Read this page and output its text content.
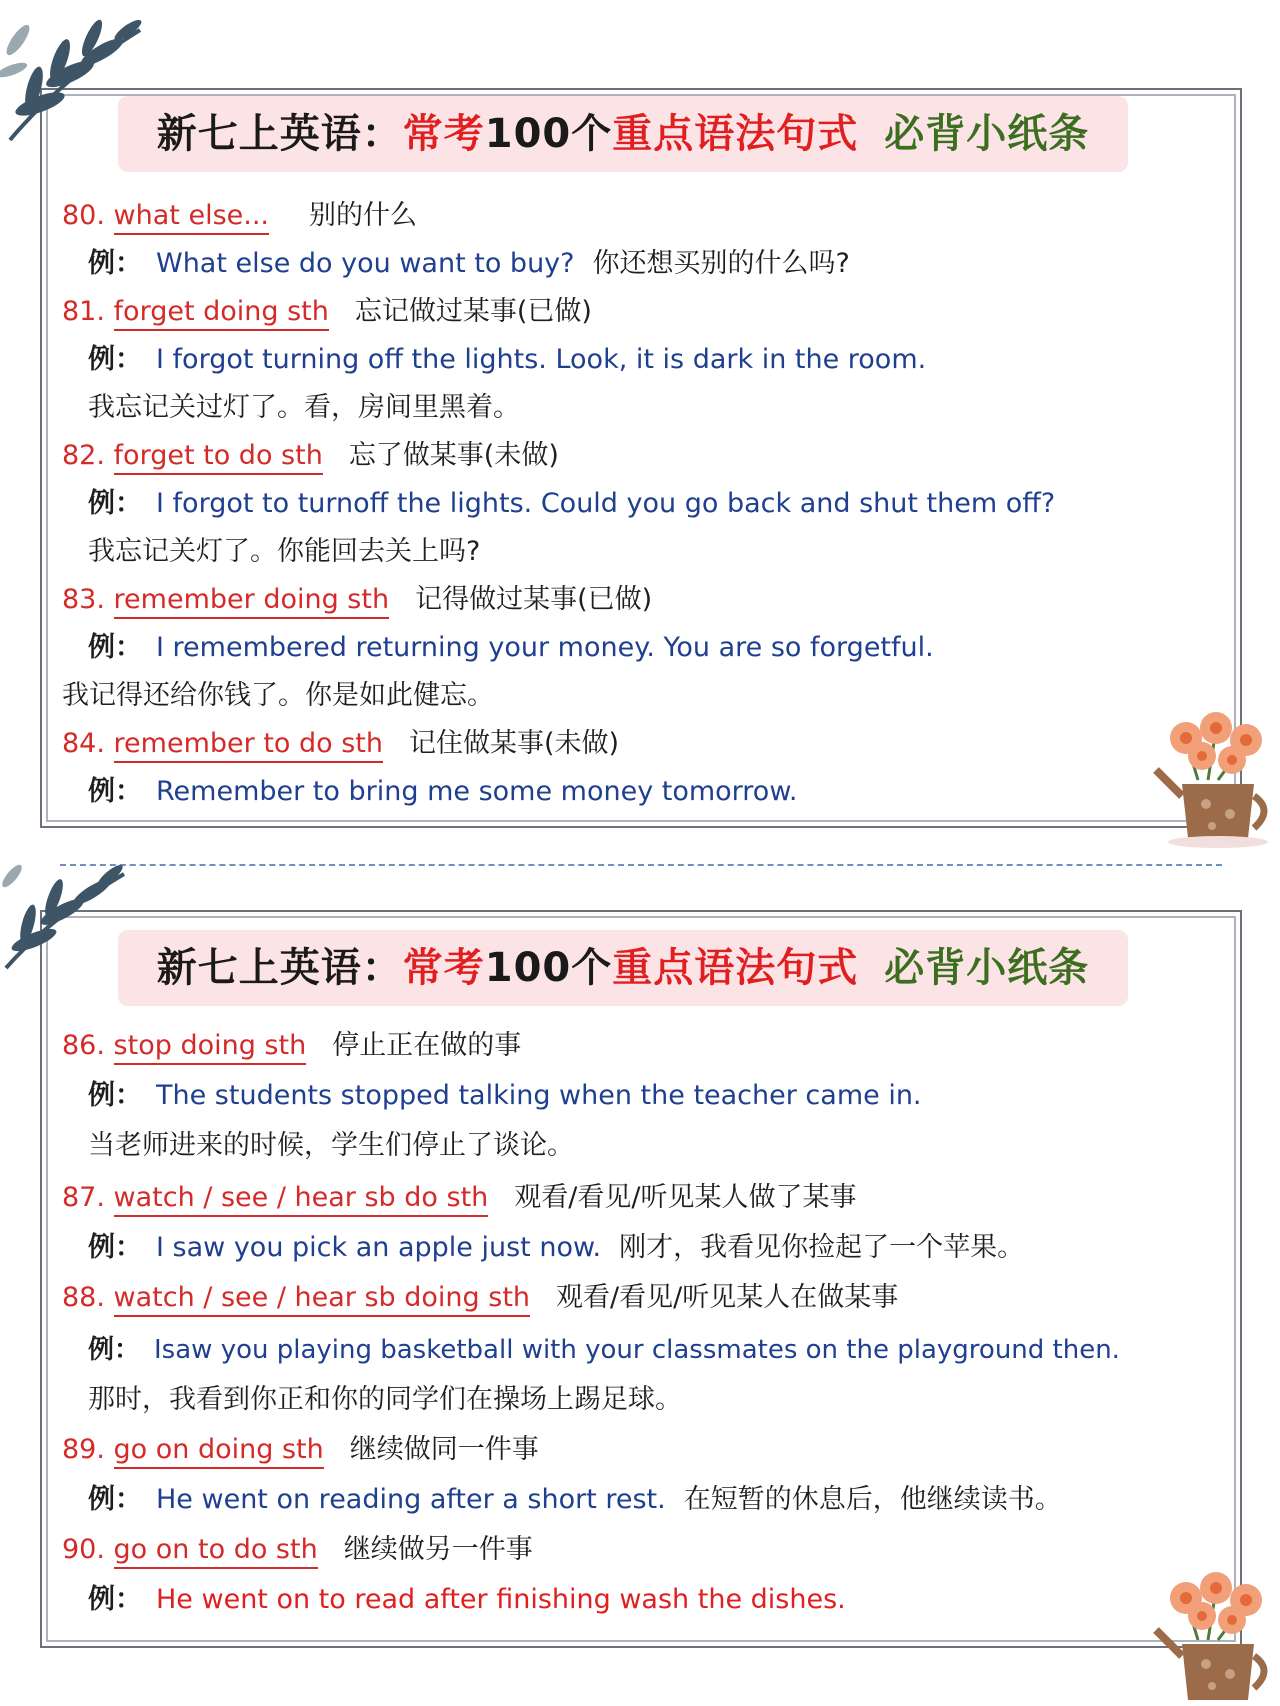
新七上英语：常考100个重点语法句式 必背小纸条
80. what else... 别的什么
例： What else do you want to buy? 你还想买别的什么吗?
81. forget doing sth 忘记做过某事(已做)
例： I forgot turning off the lights. Look, it is dark in the room.
我忘记关过灯了。看，房间里黑着。
82. forget to do sth 忘了做某事(未做)
例： I forgot to turnoff the lights. Could you go back and shut them off?
我忘记关灯了。你能回去关上吗?
83. remember doing sth 记得做过某事(已做)
例： I remembered returning your money. You are so forgetful.
我记得还给你钱了。你是如此健忘。
84. remember to do sth 记住做某事(未做)
例： Remember to bring me some money tomorrow.
新七上英语：常考100个重点语法句式 必背小纸条
86. stop doing sth 停止正在做的事
例： The students stopped talking when the teacher came in.
当老师进来的时候，学生们停止了谈论。
87. watch / see / hear sb do sth 观看/看见/听见某人做了某事
例： I saw you pick an apple just now. 刚才，我看见你捡起了一个苹果。
88. watch / see / hear sb doing sth 观看/看见/听见某人在做某事
例： Isaw you playing basketball with your classmates on the playground then.
那时，我看到你正和你的同学们在操场上踢足球。
89. go on doing sth 继续做同一件事
例： He went on reading after a short rest. 在短暂的休息后，他继续读书。
90. go on to do sth 继续做另一件事
例： He went on to read after finishing wash the dishes.
